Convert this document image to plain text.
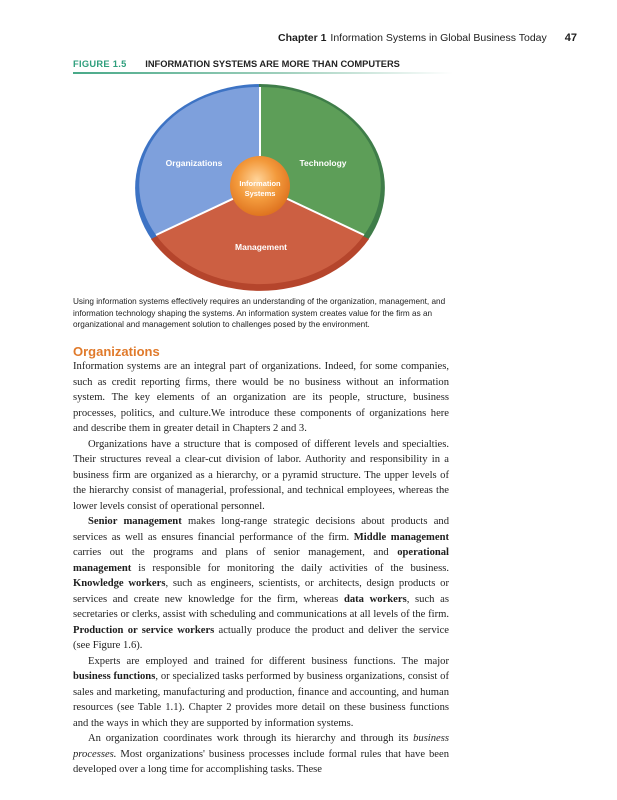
Chapter 1 Information Systems in Global Business Today 47
FIGURE 1.5 INFORMATION SYSTEMS ARE MORE THAN COMPUTERS
Organizations	Technology
Management
Information
Systems
Using information systems effectively requires an understanding of the organization, management, and information technology shaping the systems. An information system creates value for the firm as an organizational and management solution to challenges posed by the environment.
Organizations

Information systems are an integral part of organizations. Indeed, for some companies, such as credit reporting firms, there would be no business without an information system. The key elements of an organization are its people, structure, business processes, politics, and culture.We introduce these components of organizations here and describe them in greater detail in Chapters 2 and 3.

Organizations have a structure that is composed of different levels and specialties. Their structures reveal a clear-cut division of labor. Authority and responsibility in a business firm are organized as a hierarchy, or a pyramid structure. The upper levels of the hierarchy consist of managerial, professional, and technical employees, whereas the lower levels consist of operational personnel.

Senior management makes long-range strategic decisions about products and services as well as ensures financial performance of the firm. Middle management carries out the programs and plans of senior management, and operational management is responsible for monitoring the daily activities of the business. Knowledge workers, such as engineers, scientists, or architects, design products or services and create new knowledge for the firm, whereas data workers, such as secretaries or clerks, assist with scheduling and communications at all levels of the firm. Production or service workers actually produce the product and deliver the service (see Figure 1.6).

Experts are employed and trained for different business functions. The major business functions, or specialized tasks performed by business organizations, consist of sales and marketing, manufacturing and production, finance and accounting, and human resources (see Table 1.1). Chapter 2 provides more detail on these business functions and the ways in which they are supported by information systems.

An organization coordinates work through its hierarchy and through its business processes. Most organizations' business processes include formal rules that have been developed over a long time for accomplishing tasks. These
